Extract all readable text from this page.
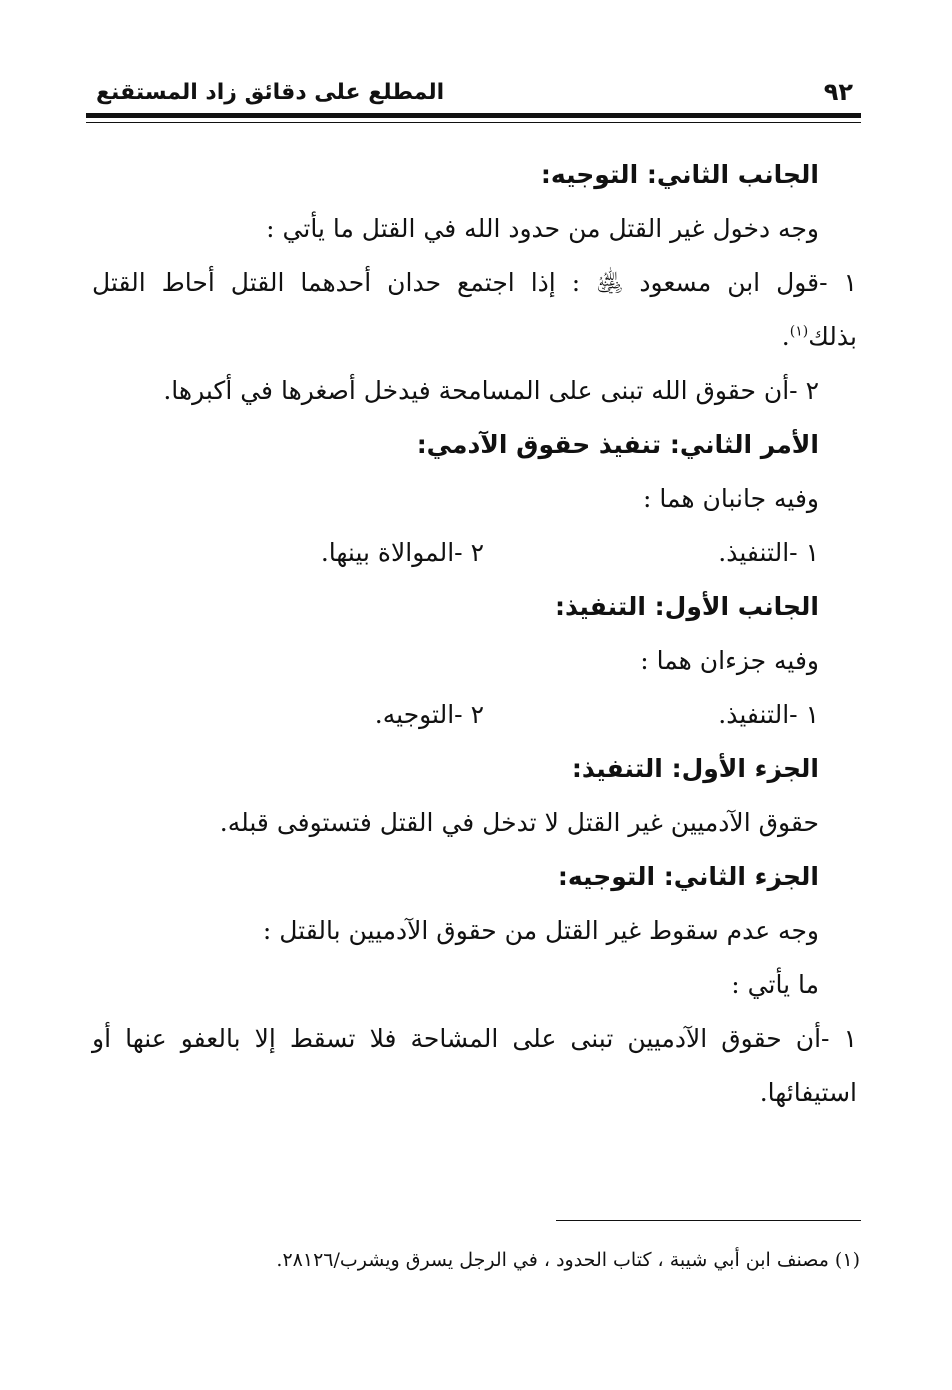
٩٢
المطلع على دقائق زاد المستقنع
الجانب الثاني: التوجيه:
وجه دخول غير القتل من حدود الله في القتل ما يأتي :
١ -قول ابن مسعود ﵁ : إذا اجتمع حدان أحدهما القتل أحاط القتل
بذلك$^{(١)}$.
٢ -أن حقوق الله تبنى على المسامحة فيدخل أصغرها في أكبرها.
الأمر الثاني: تنفيذ حقوق الآدمي:
وفيه جانبان هما :
١ -التنفيذ.
٢ -الموالاة بينها.
الجانب الأول: التنفيذ:
وفيه جزءان هما :
١ -التنفيذ.
٢ -التوجيه.
الجزء الأول: التنفيذ:
حقوق الآدميين غير القتل لا تدخل في القتل فتستوفى قبله.
الجزء الثاني: التوجيه:
وجه عدم سقوط غير القتل من حقوق الآدميين بالقتل :
ما يأتي :
١ -أن حقوق الآدميين تبنى على المشاحة فلا تسقط إلا بالعفو عنها أو
استيفائها.
(١) مصنف ابن أبي شيبة ، كتاب الحدود ، في الرجل يسرق ويشرب/٢٨١٢٦.
